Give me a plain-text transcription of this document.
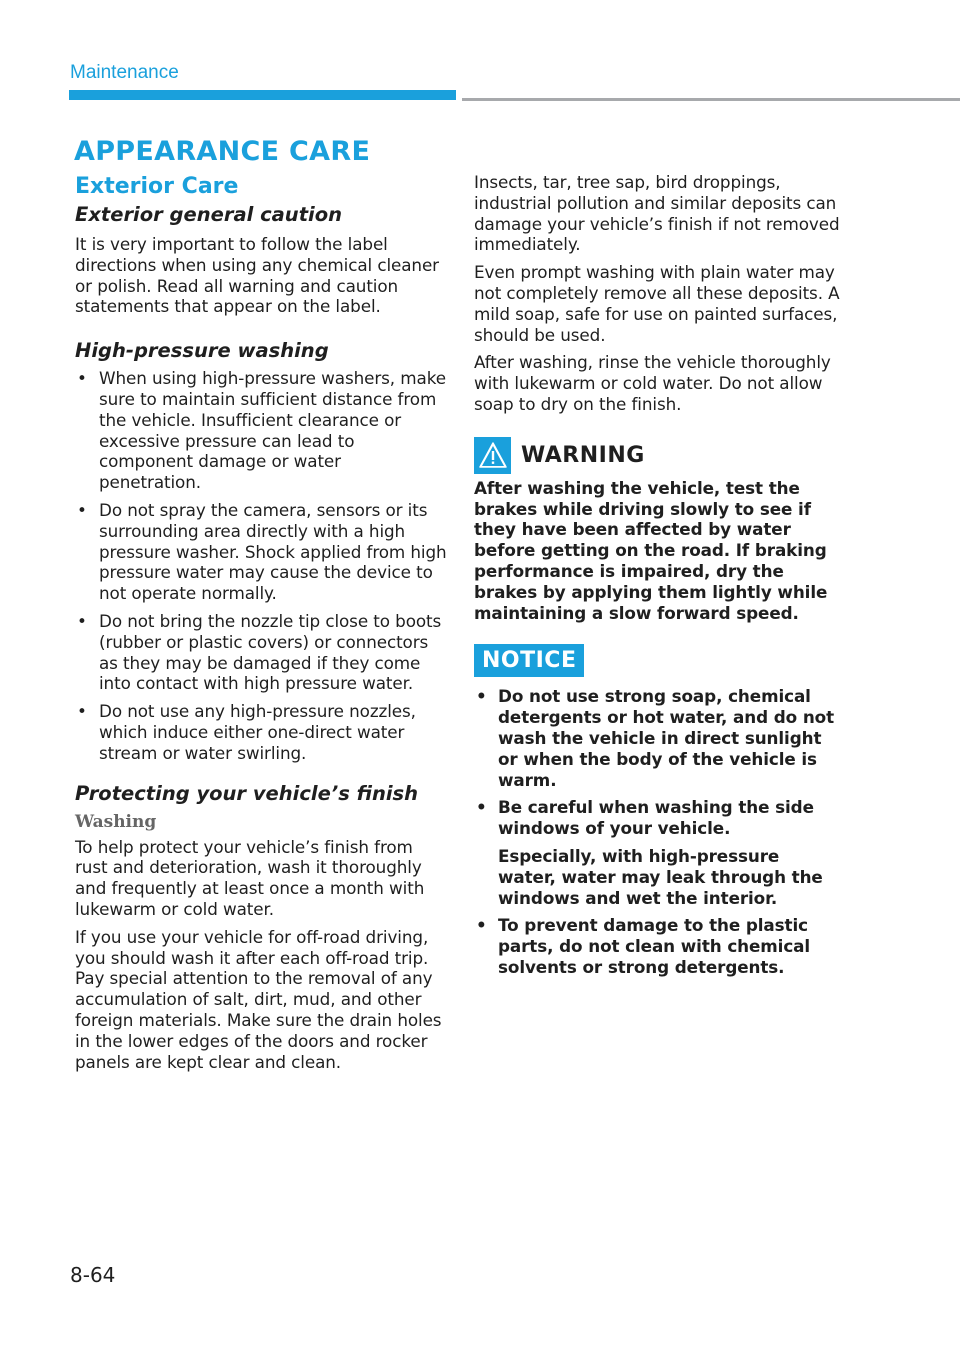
Maintenance
APPEARANCE CARE
Exterior Care
Exterior general caution

It is very important to follow the label directions when using any chemical cleaner or polish. Read all warning and caution statements that appear on the label.

High-pressure washing
• When using high-pressure washers, make sure to maintain sufficient distance from the vehicle. Insufficient clearance or excessive pressure can lead to component damage or water penetration.
• Do not spray the camera, sensors or its surrounding area directly with a high pressure washer. Shock applied from high pressure water may cause the device to not operate normally.
• Do not bring the nozzle tip close to boots (rubber or plastic covers) or connectors as they may be damaged if they come into contact with high pressure water.
• Do not use any high-pressure nozzles, which induce either one-direct water stream or water swirling.
Protecting your vehicle’s finish
Washing

To help protect your vehicle’s finish from rust and deterioration, wash it thoroughly and frequently at least once a month with lukewarm or cold water.

If you use your vehicle for off-road driving, you should wash it after each off-road trip. Pay special attention to the removal of any accumulation of salt, dirt, mud, and other foreign materials. Make sure the drain holes in the lower edges of the doors and rocker panels are kept clear and clean.

Insects, tar, tree sap, bird droppings, industrial pollution and similar deposits can damage your vehicle’s finish if not removed immediately.

Even prompt washing with plain water may not completely remove all these deposits. A mild soap, safe for use on painted surfaces, should be used.

After washing, rinse the vehicle thoroughly with lukewarm or cold water. Do not allow soap to dry on the finish.

WARNING

After washing the vehicle, test the brakes while driving slowly to see if they have been affected by water before getting on the road. If braking performance is impaired, dry the brakes by applying them lightly while maintaining a slow forward speed.

NOTICE
• Do not use strong soap, chemical detergents or hot water, and do not wash the vehicle in direct sunlight or when the body of the vehicle is warm.
• Be careful when washing the side windows of your vehicle.

Especially, with high-pressure water, water may leak through the windows and wet the interior.
• To prevent damage to the plastic parts, do not clean with chemical solvents or strong detergents.
8-64
